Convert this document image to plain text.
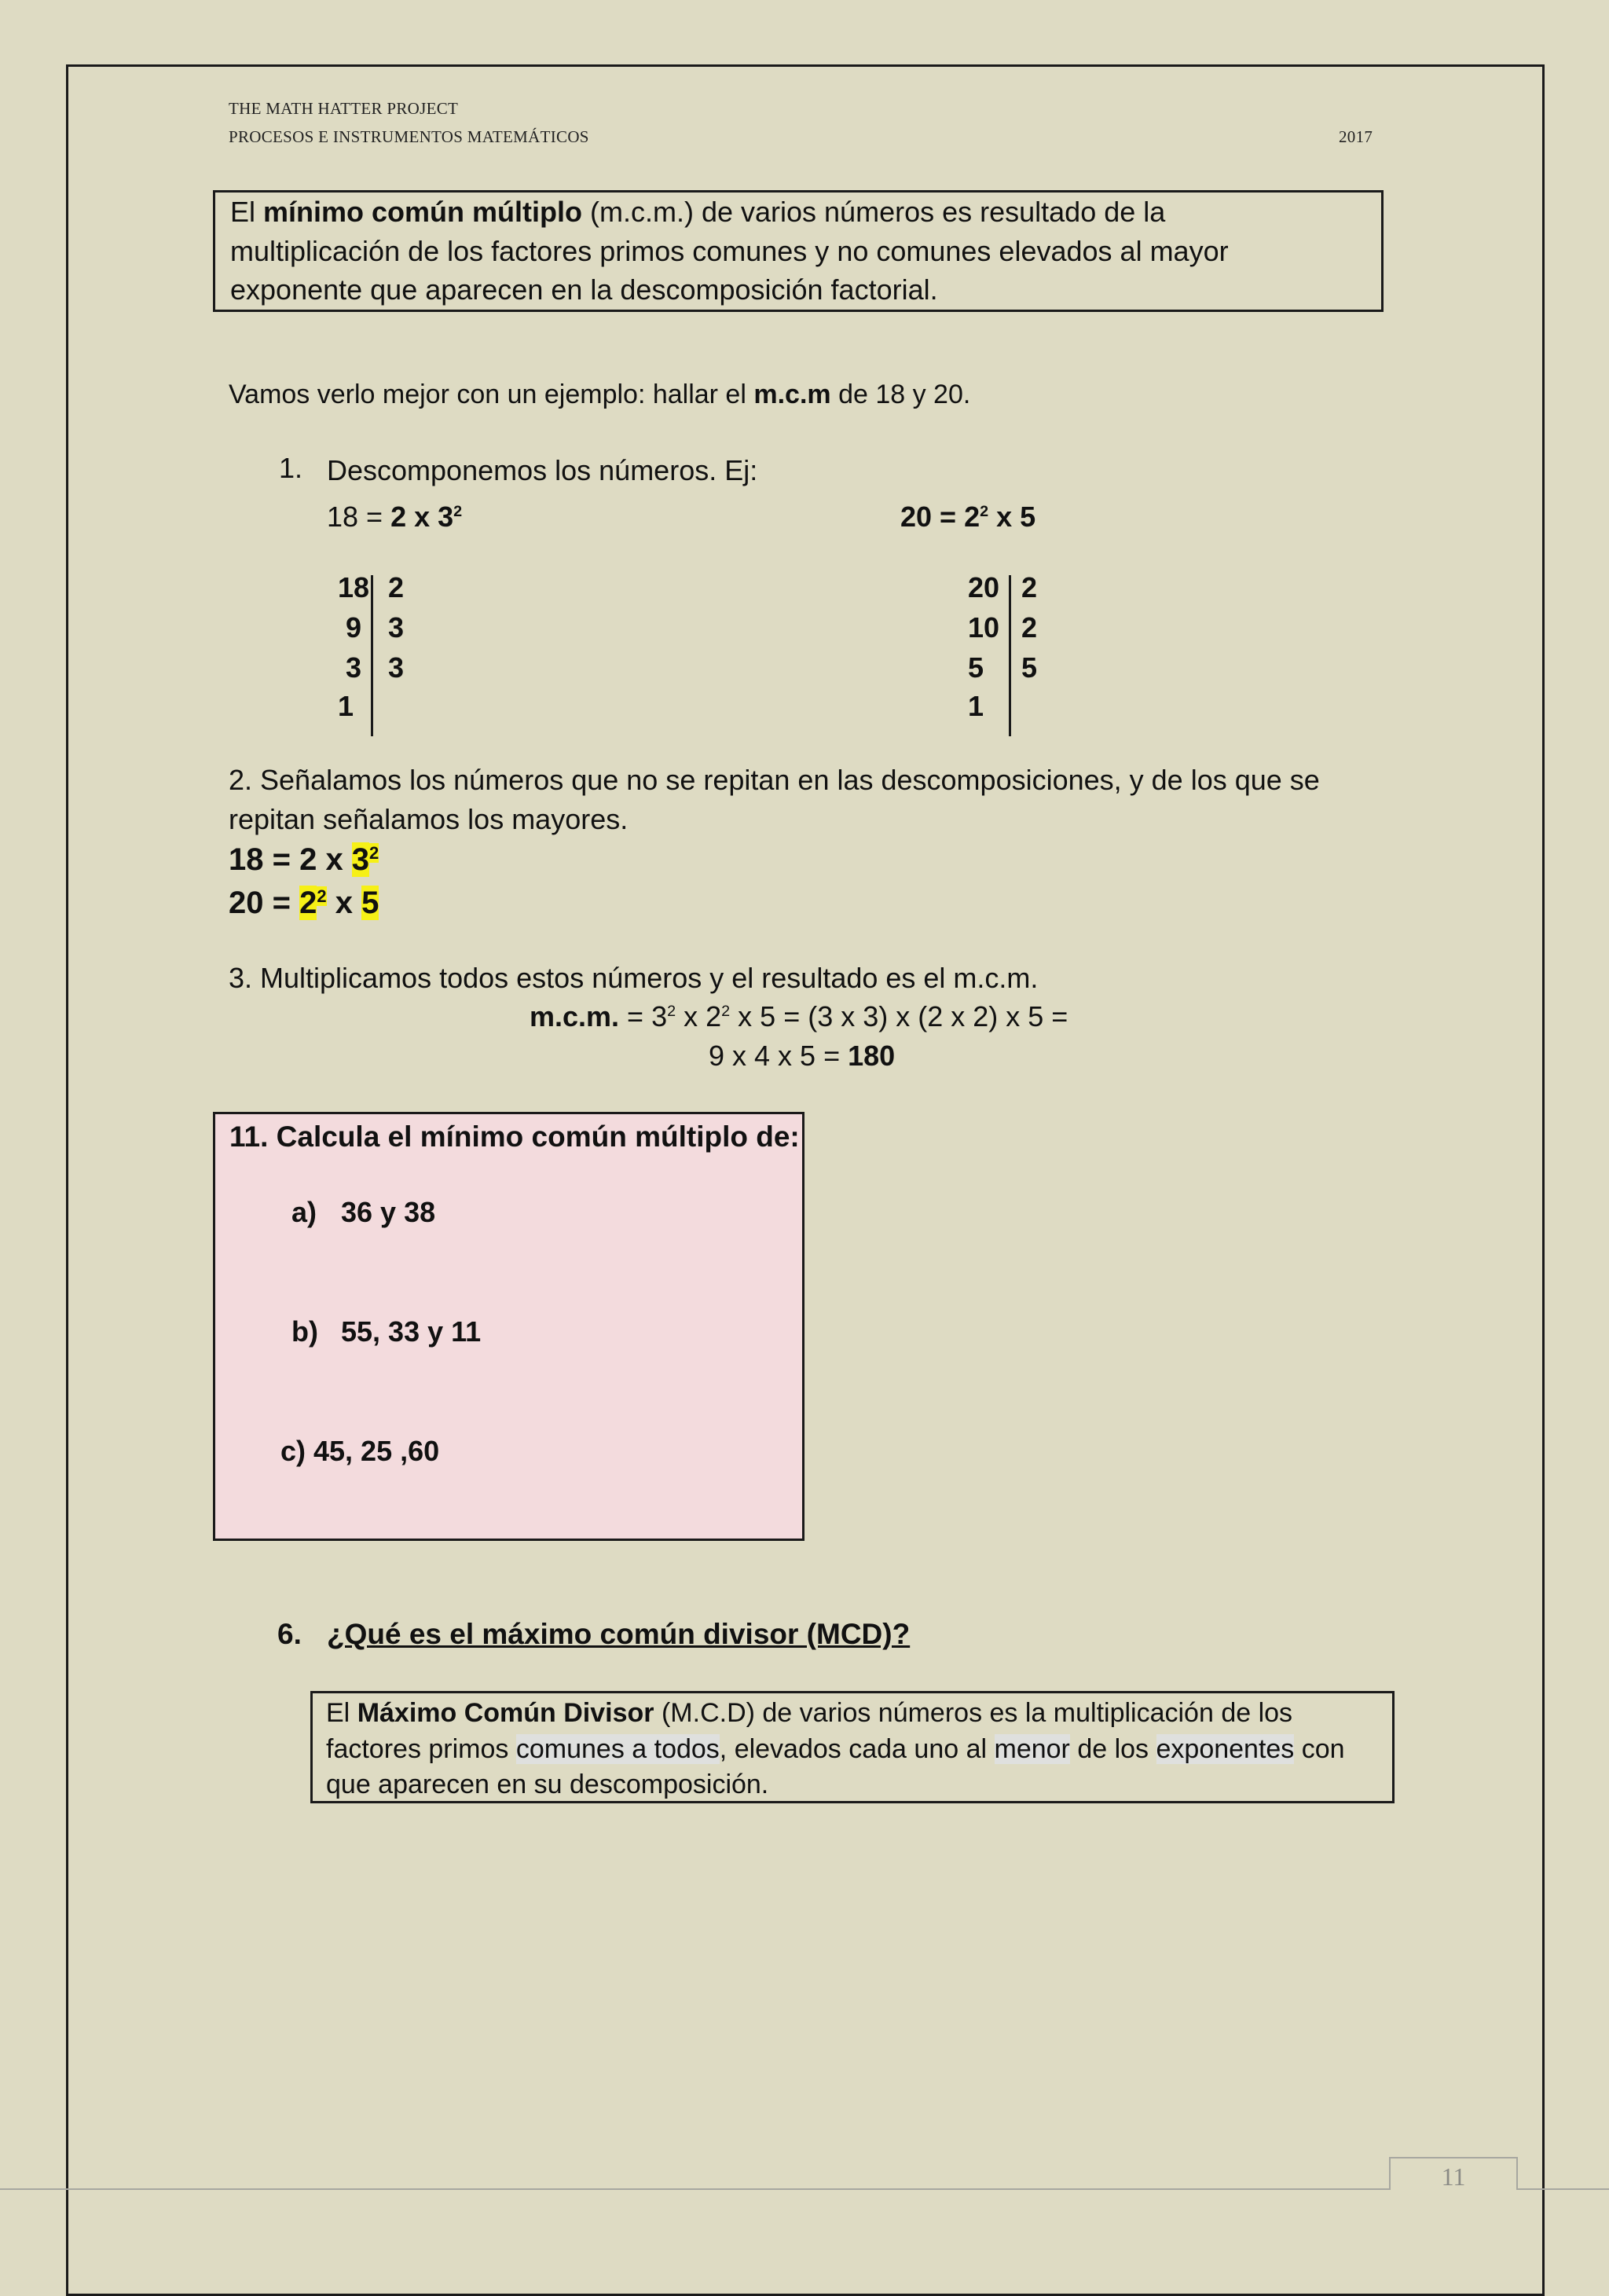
THE MATH HATTER PROJECT
PROCESOS E INSTRUMENTOS MATEMÁTICOS	2017
El mínimo común múltiplo (m.c.m.) de varios números es resultado de la
multiplicación de los factores primos comunes y no comunes elevados al mayor
exponente que aparecen en la descomposición factorial.
Vamos verlo mejor con un ejemplo: hallar el m.c.m de 18 y 20.
1. Descomponemos los números. Ej:
18 = 2 x $3^2$	$20 = 2^2$ x 5
18
9
3
1
2
3
3
20
10
5
1
2
2
5
2. Señalamos los números que no se repitan en las descomposiciones, y de los que se
repitan señalamos los mayores.
18 = 2 x $3^2$
$20 = 2^2$ x 5
3. Multiplicamos todos estos números y el resultado es el m.c.m.
m.c.m. = $3^2$ x $2^2$ x 5 = (3 x 3) x (2 x 2) x 5 =
9 x 4 x 5 = 180
11. Calcula el mínimo común múltiplo de:
a) 36 y 38
b) 55, 33 y 11
c) 45, 25 ,60
6. ¿Qué es el máximo común divisor (MCD)?
El Máximo Común Divisor (M.C.D) de varios números es la multiplicación de los
factores primos comunes a todos, elevados cada uno al menor de los exponentes con
que aparecen en su descomposición.
11
